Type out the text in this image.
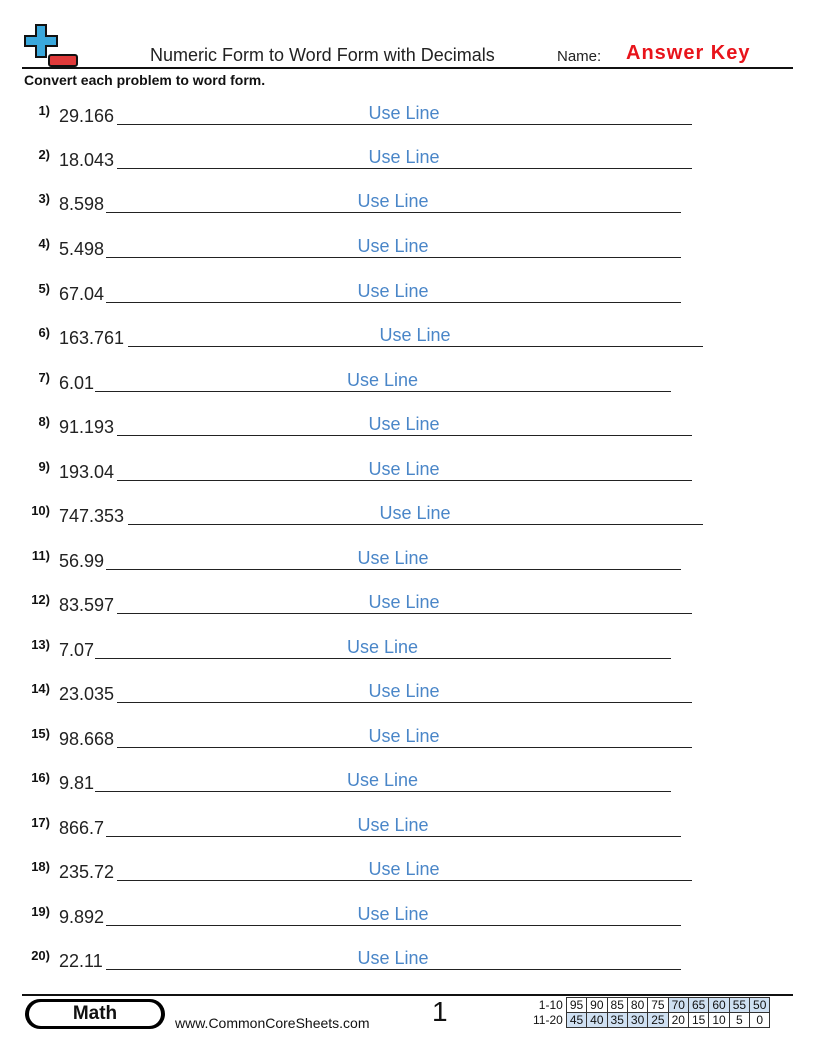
Numeric Form to Word Form with Decimals	Name: Answer Key
Convert each problem to word form.
1) 29.166	Use Line
2) 18.043	Use Line
3) 8.598	Use Line
4) 5.498	Use Line
5) 67.04	Use Line
6) 163.761	Use Line
7) 6.01	Use Line
8) 91.193	Use Line
9) 193.04	Use Line
10) 747.353	Use Line
11) 56.99	Use Line
12) 83.597	Use Line
13) 7.07	Use Line
14) 23.035	Use Line
15) 98.668	Use Line
16) 9.81	Use Line
17) 866.7	Use Line
18) 235.72	Use Line
19) 9.892	Use Line
20) 22.11	Use Line
Math	www.CommonCoreSheets.com 1	1-10	95	90	85	80	75	70	65	60	55	50
11-20	45	40	35	30	25	20	15	10	5	0
